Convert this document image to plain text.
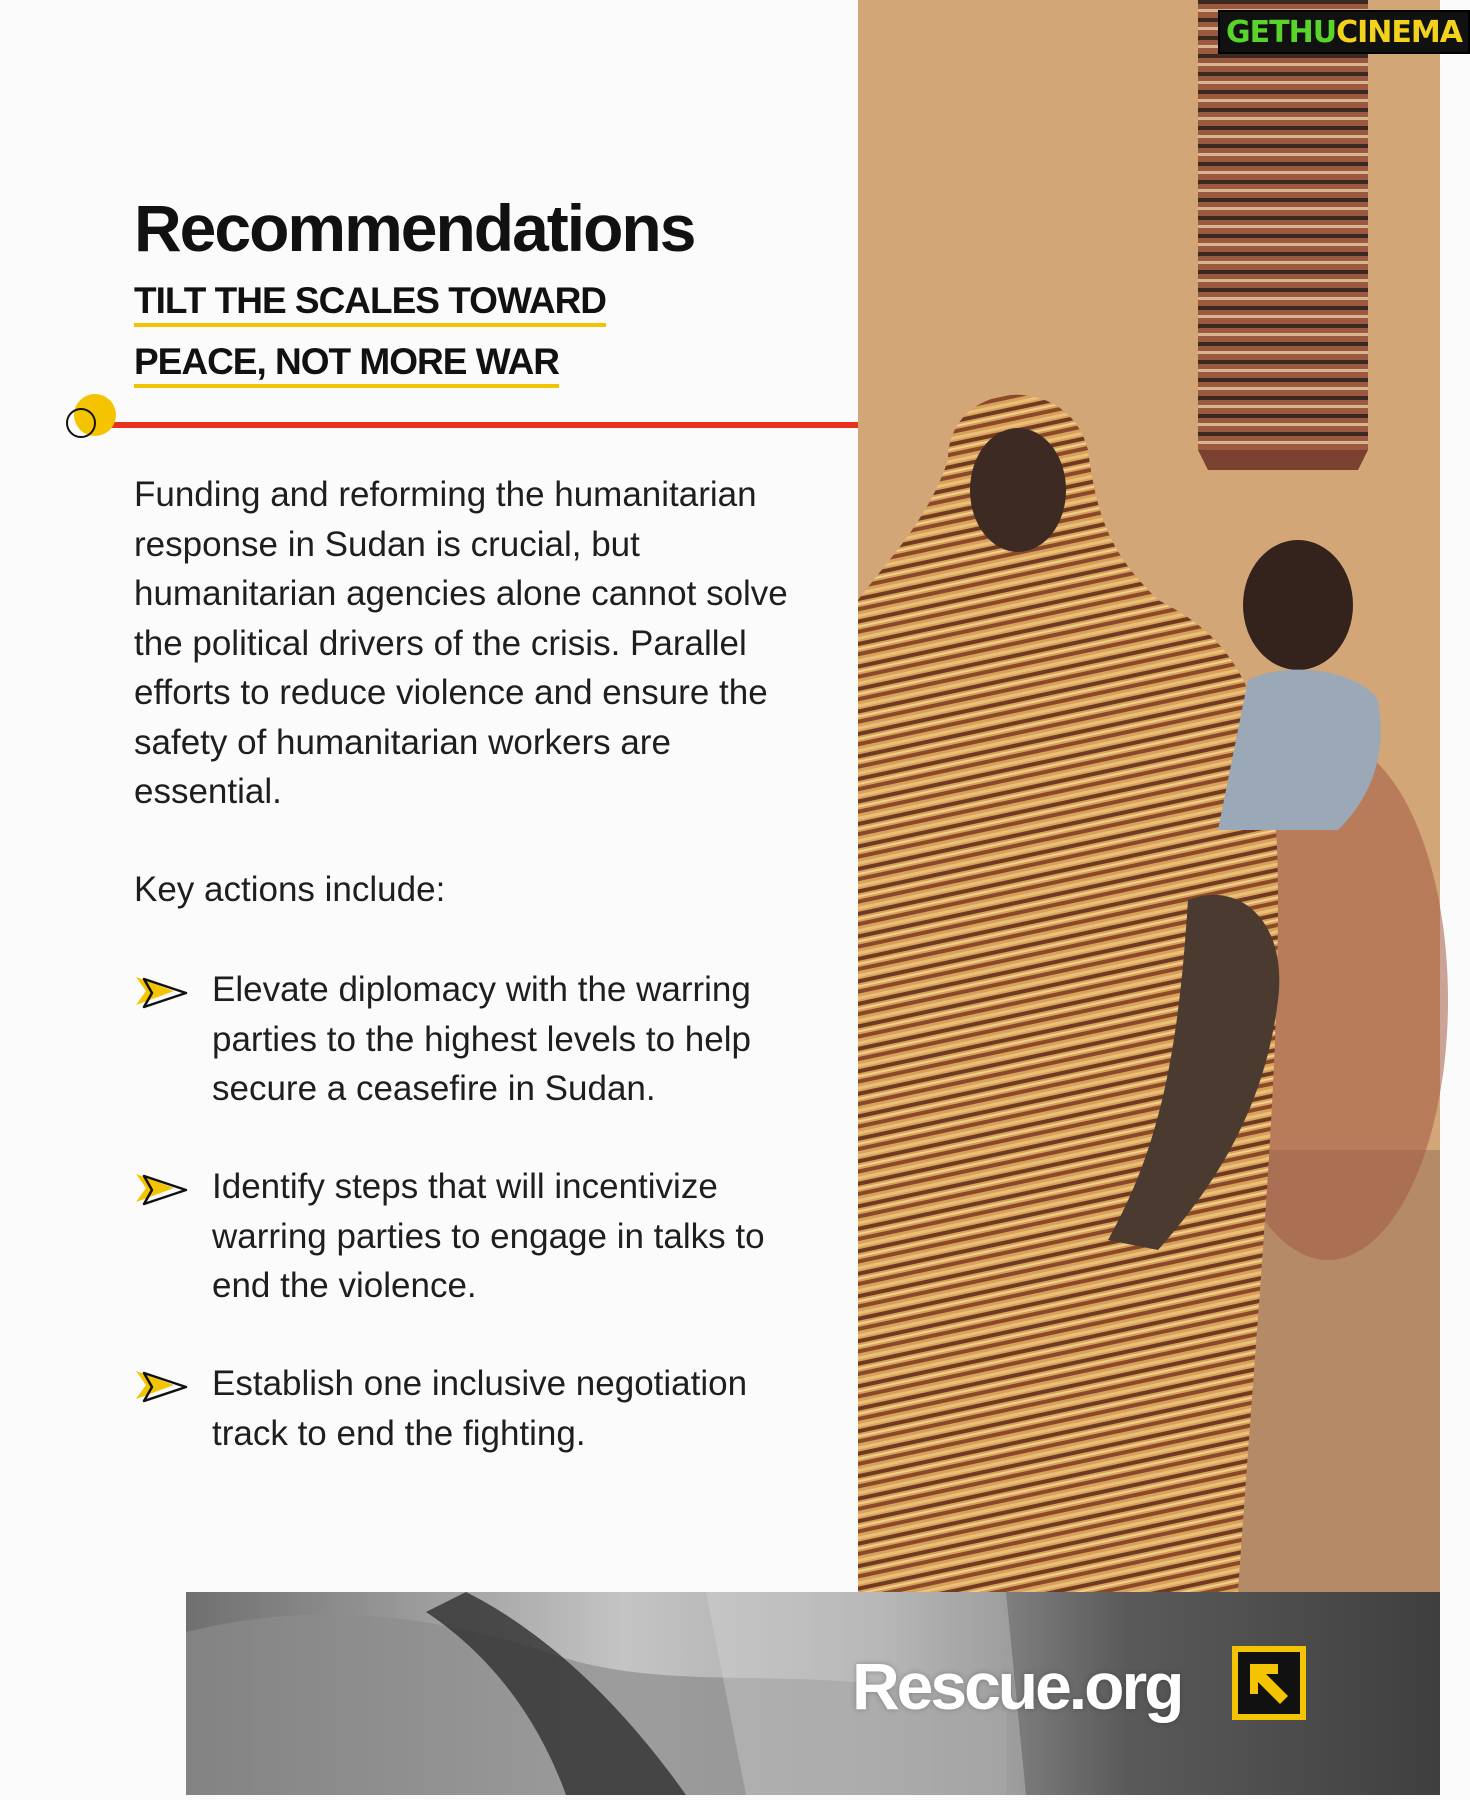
Recommendations
TILT THE SCALES TOWARD
PEACE, NOT MORE WAR

Funding and reforming the humanitarian response in Sudan is crucial, but humanitarian agencies alone cannot solve the political drivers of the crisis. Parallel efforts to reduce violence and ensure the safety of humanitarian workers are essential.

Key actions include:

Elevate diplomacy with the warring parties to the highest levels to help secure a ceasefire in Sudan.

Identify steps that will incentivize warring parties to engage in talks to end the violence.

Establish one inclusive negotiation track to end the fighting.

Rescue.org
GETHU CINEMA
